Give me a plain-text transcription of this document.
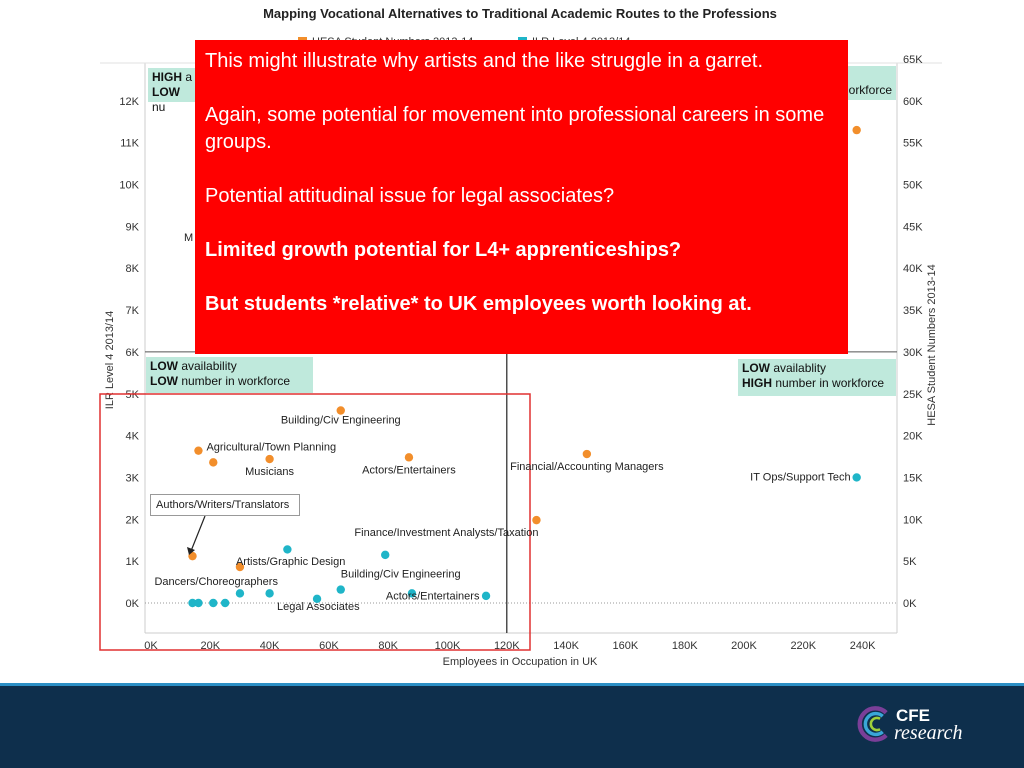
Mapping Vocational Alternatives to Traditional Academic Routes to the Professions
0K
1K
2K
3K
4K
5K
6K
7K
8K
9K
10K
11K
12K
0K
5K
10K
15K
20K
25K
30K
35K
40K
45K
50K
55K
60K
65K
0K	20K	40K	60K	80K	100K	120K	140K	160K	180K	200K	220K	240K
ILR Level 4 2013/14	HESA Student Numbers 2013-14
Employees in Occupation in UK
M
Building/Civ Engineering
Agricultural/Town Planning
Musicians	Actors/Entertainers	Financial/Accounting Managers
Finance/Investment Analysts/Taxation
Artists/Graphic Design
IT Ops/Support Tech
Building/Civ Engineering
Actors/Entertainers
Legal Associates
Dancers/Choreographers
HIGH a
LOW nu
orkforce
LOW availability
LOW number in workforce
LOW availablity
HIGH number in workforce
Authors/Writers/Translators

This might illustrate why artists and the like struggle in a garret.

Again, some potential for movement into professional careers in some groups.

Potential attitudinal issue for legal associates?

Limited growth potential for L4+ apprenticeships?

But students *relative* to UK employees worth looking at.

CFE
research
